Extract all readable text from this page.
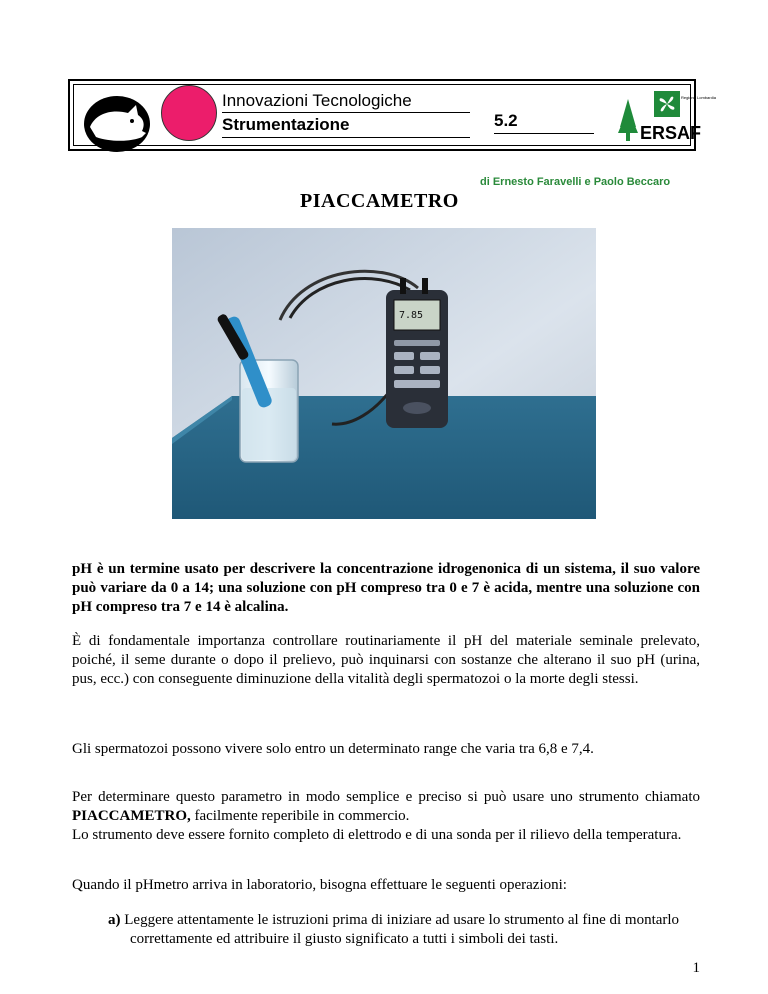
Innovazioni Tecnologiche
Strumentazione	5.2
Regione Lombardia
ERSAF
di Ernesto Faravelli e Paolo Beccaro
PIACCAMETRO
7.85
pH è un termine usato per descrivere la concentrazione idrogenonica di un sistema, il suo valore può variare da 0 a 14; una soluzione con pH compreso tra 0 e 7 è acida, mentre una soluzione con pH compreso tra 7 e 14 è alcalina.
È di fondamentale importanza controllare routinariamente il pH del materiale seminale prelevato, poiché, il seme durante o dopo il prelievo, può inquinarsi con sostanze che alterano il suo pH (urina, pus, ecc.) con conseguente diminuzione della vitalità degli spermatozoi o la morte degli stessi.
Gli spermatozoi possono vivere solo entro un determinato range che varia tra 6,8 e 7,4.
Per determinare questo parametro in modo semplice e preciso si può usare uno strumento chiamato PIACCAMETRO, facilmente reperibile in commercio.
Lo strumento deve essere fornito completo di elettrodo e di una sonda per il rilievo della temperatura.
Quando il pHmetro arriva in laboratorio, bisogna effettuare le seguenti operazioni:
a) Leggere attentamente le istruzioni prima di iniziare ad usare lo strumento al fine di montarlo correttamente ed attribuire il giusto significato a tutti i simboli dei tasti.
1
